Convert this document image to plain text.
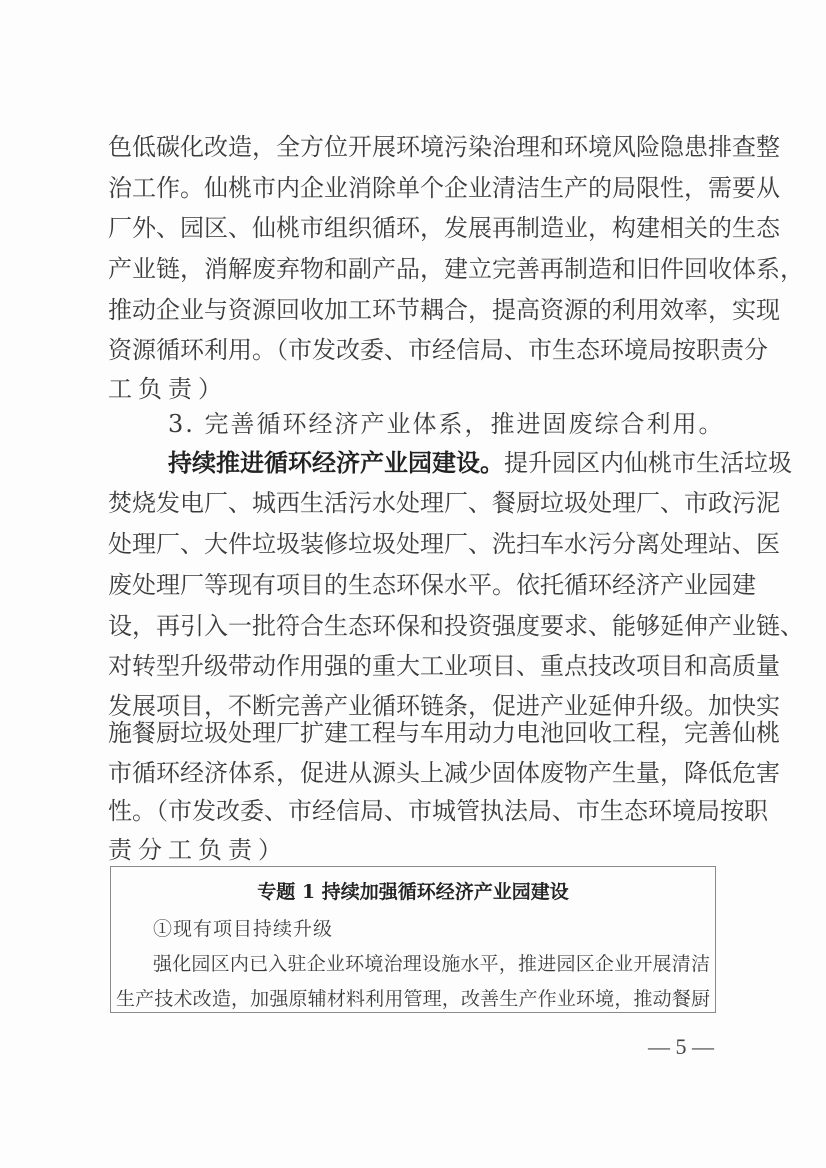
色低碳化改造，全方位开展环境污染治理和环境风险隐患排查整
治工作。仙桃市内企业消除单个企业清洁生产的局限性，需要从
厂外、园区、仙桃市组织循环，发展再制造业，构建相关的生态
产业链，消解废弃物和副产品，建立完善再制造和旧件回收体系，
推动企业与资源回收加工环节耦合，提高资源的利用效率，实现
资源循环利用。（市发改委、市经信局、市生态环境局按职责分
工负责）
3. 完善循环经济产业体系，推进固废综合利用。
持续推进循环经济产业园建设。提升园区内仙桃市生活垃圾
焚烧发电厂、城西生活污水处理厂、餐厨垃圾处理厂、市政污泥
处理厂、大件垃圾装修垃圾处理厂、洗扫车水污分离处理站、医
废处理厂等现有项目的生态环保水平。依托循环经济产业园建
设，再引入一批符合生态环保和投资强度要求、能够延伸产业链、
对转型升级带动作用强的重大工业项目、重点技改项目和高质量
发展项目，不断完善产业循环链条，促进产业延伸升级。加快实
施餐厨垃圾处理厂扩建工程与车用动力电池回收工程，完善仙桃
市循环经济体系，促进从源头上减少固体废物产生量，降低危害
性。（市发改委、市经信局、市城管执法局、市生态环境局按职
责分工负责）
专题 1 持续加强循环经济产业园建设
①现有项目持续升级
强化园区内已入驻企业环境治理设施水平，推进园区企业开展清洁
生产技术改造，加强原辅材料利用管理，改善生产作业环境，推动餐厨
— 5 —
